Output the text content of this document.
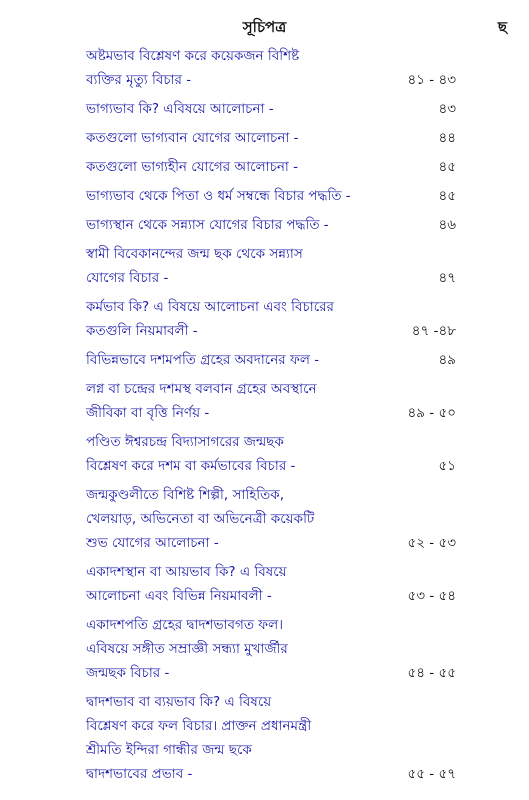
সূচিপত্র	ছ
অষ্টমভাব বিশ্লেষণ করে কয়েকজন বিশিষ্ট
ব্যক্তির মৃত্যু বিচার -	৪১ - ৪৩
ভাগ্যভাব কি? এবিষয়ে আলোচনা -	৪৩
কতগুলো ভাগ্যবান যোগের আলোচনা -	৪৪
কতগুলো ভাগ্যহীন যোগের আলোচনা -	৪৫
ভাগ্যভাব থেকে পিতা ও ধর্ম সম্বন্ধে বিচার পদ্ধতি -	৪৫
ভাগ্যস্থান থেকে সন্ন্যাস যোগের বিচার পদ্ধতি -	৪৬
স্বামী বিবেকানন্দের জন্ম ছক থেকে সন্ন্যাস
যোগের বিচার -	৪৭
কর্মভাব কি? এ বিষয়ে আলোচনা এবং বিচারের
কতগুলি নিয়মাবলী -	৪৭ -৪৮
বিভিন্নভাবে দশমপতি গ্রহের অবদানের ফল -	৪৯
লগ্ন বা চন্দ্রের দশমস্থ বলবান গ্রহের অবস্থানে
জীবিকা বা বৃত্তি নির্ণয় -	৪৯ - ৫০
পণ্ডিত ঈশ্বরচন্দ্র বিদ্যাসাগরের জন্মছক
বিশ্লেষণ করে দশম বা কর্মভাবের বিচার -	৫১
জন্মকুণ্ডলীতে বিশিষ্ট শিল্পী, সাহিতিক,
খেলয়াড়, অভিনেতা বা অভিনেত্রী কয়েকটি
শুভ যোগের আলোচনা -	৫২ - ৫৩
একাদশস্থান বা আয়ভাব কি? এ বিষয়ে
আলোচনা এবং বিভিন্ন নিয়মাবলী -	৫৩ - ৫৪
একাদশপতি গ্রহের দ্বাদশভাবগত ফল।
এবিষয়ে সঙ্গীত সম্রাজ্ঞী সন্ধ্যা মুখার্জীর
জন্মছক বিচার -	৫৪ - ৫৫
দ্বাদশভাব বা ব্যয়ভাব কি? এ বিষয়ে
বিশ্লেষণ করে ফল বিচার। প্রাক্তন প্রধানমন্ত্রী
শ্রীমতি ইন্দিরা গান্ধীর জন্ম ছকে
দ্বাদশভাবের প্রভাব -	৫৫ - ৫৭
